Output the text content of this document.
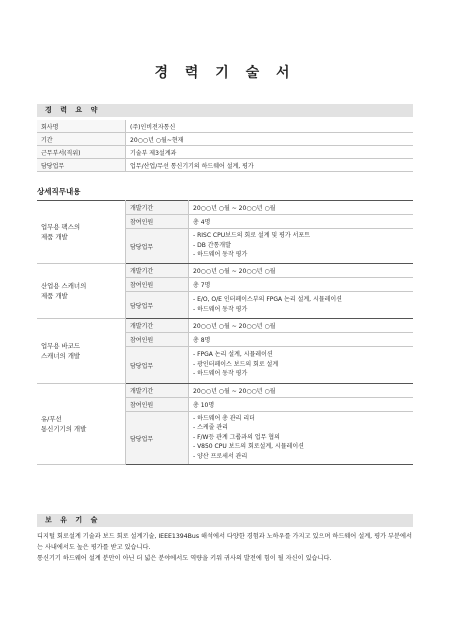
경 력 기 술 서
경 력 요 약
회사명	(주)인비전자통신
기간	20○○년 ○월~현재
근무부서(직위)	기술부 제3설계과
담당업무	업무/산업/무선 통신기기의 하드웨어 설계, 평가
상세직무내용
업무용 팩스의
제품 개발	개발기간	20○○년 ○월 ~ 20○○년 ○월
	참여인원	총 4명
	담당업무	- RISC CPU보드의 회로 설계 및 평가 서포트
- DB 간통개발
- 하드웨어 동작 평가

산업용 스캐너의
제품 개발	개발기간	20○○년 ○월 ~ 20○○년 ○월
	참여인원	총 7명
	담당업무	- E/O, O/E 인터페이스부의 FPGA 논리 설계, 시뮬레이션
- 하드웨어 동작 평가

업무용 바코드
스캐너의 개발	개발기간	20○○년 ○월 ~ 20○○년 ○월
	참여인원	총 8명
	담당업무	- FPGA 논리 설계, 시뮬레이션
- 광인터페이스 보드의 회로 설계
- 하드웨어 동작 평가

유/무선
통신기기의 개발	개발기간	20○○년 ○월 ~ 20○○년 ○월
	참여인원	총 10명
	담당업무	- 하드웨어 총 관리 리더
- 스케줄 관리
- F/W등 관계 그룹과의 업무 협의
- V850 CPU 보드의 회로설계, 시뮬레이션
- 양산 프로세서 관리
보 유 기 술

디지털 회로설계 기술과 보드 회로 설계기술, IEEE1394Bus 해석에서 다양한 경험과 노하우를 가지고 있으며 하드웨어 설계, 평가 부분에서는 사내에서도 높은 평가를 받고 있습니다.

통신기기 하드웨어 설계 분만이 아닌 더 넓은 분야에서도 역량을 키워 귀사의 발전에 힘이 될 자신이 있습니다.
